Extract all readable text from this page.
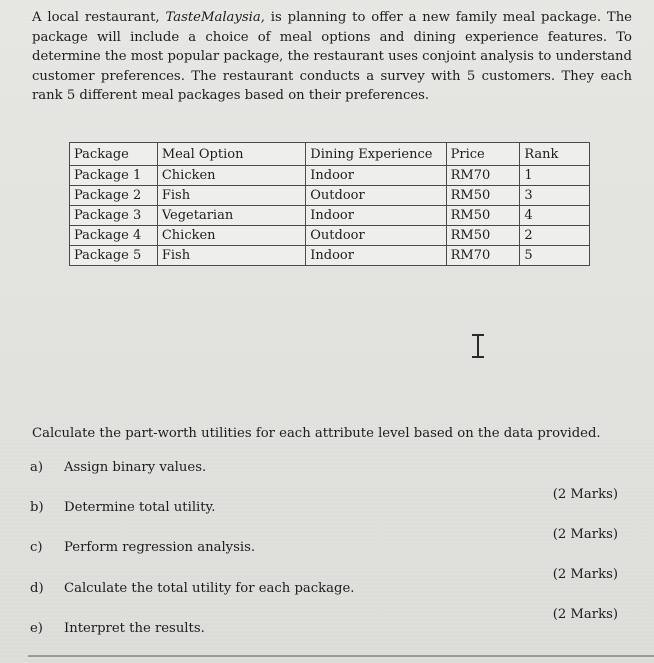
A local restaurant, TasteMalaysia, is planning to offer a new family meal package. The package will include a choice of meal options and dining experience features. To determine the most popular package, the restaurant uses conjoint analysis to understand customer preferences. The restaurant conducts a survey with 5 customers. They each rank 5 different meal packages based on their preferences.

Package	Meal Option	Dining Experience	Price	Rank
Package 1	Chicken	Indoor	RM70	1
Package 2	Fish	Outdoor	RM50	3
Package 3	Vegetarian	Indoor	RM50	4
Package 4	Chicken	Outdoor	RM50	2
Package 5	Fish	Indoor	RM70	5

Calculate the part-worth utilities for each attribute level based on the data provided.

a) Assign binary values.
(2 Marks)
b) Determine total utility.
(2 Marks)
c) Perform regression analysis.
(2 Marks)
d) Calculate the total utility for each package.
(2 Marks)
e) Interpret the results.
